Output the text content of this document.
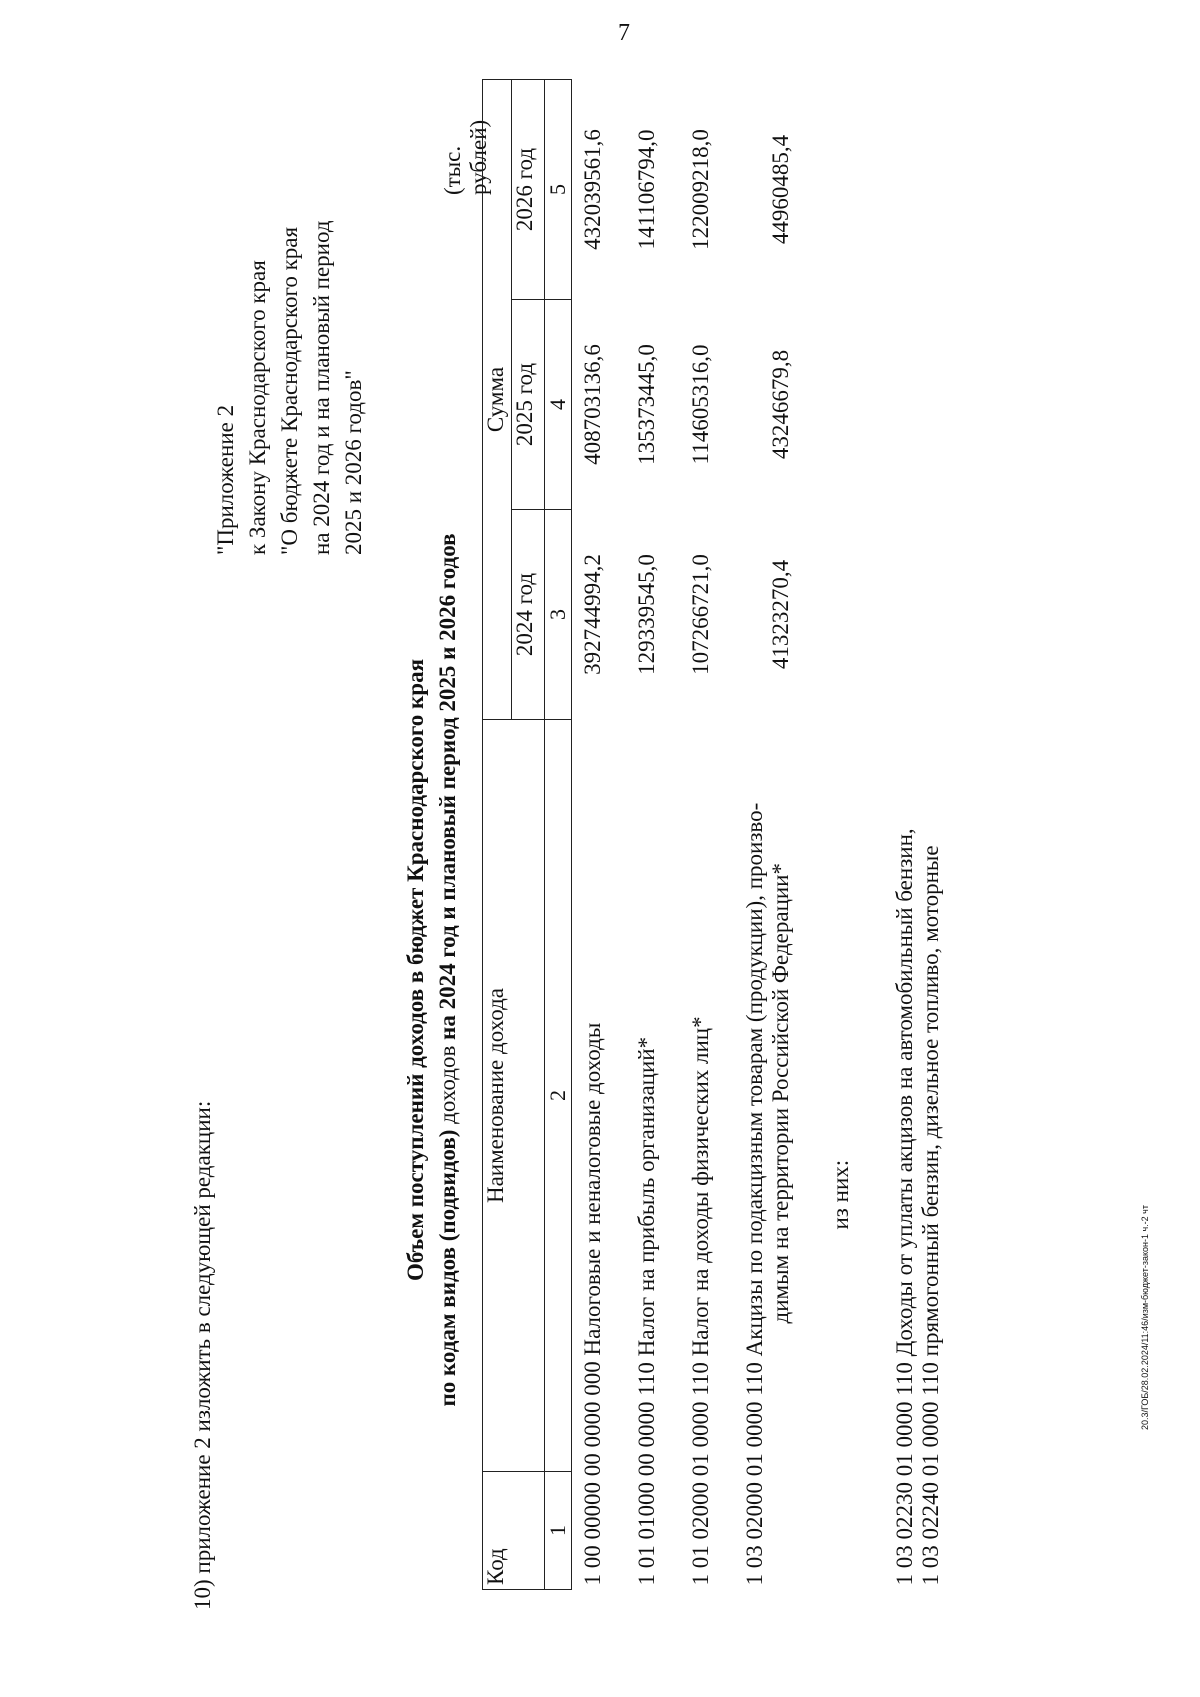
7
20.3/ГОБ/28.02.2024/11:46/изм-бюджет-закон-1 ч.-2 чт
10) приложение 2 изложить в следующей редакции:
"Приложение 2 к Закону Краснодарского края "О бюджете Краснодарского края на 2024 год и на плановый период 2025 и 2026 годов"
Объем поступлений доходов в бюджет Краснодарского края по кодам видов (подвидов) доходов на 2024 год и плановый период 2025 и 2026 годов
(тыс. рублей)
Код	Наименование дохода	Сумма		
		2024 год	2025 год	2026 год
1	2	3	4	5
1 00 00000 00 0000 000 Налоговые и неналоговые доходы		392744994,2	408703136,6	432039561,6
1 01 01000 00 0000 110 Налог на прибыль организаций*		129339545,0	135373445,0	141106794,0
1 01 02000 01 0000 110 Налог на доходы физических лиц*		107266721,0	114605316,0	122009218,0
1 03 02000 01 0000 110 Акцизы по подакцизным товарам (продукции), произво- димым на территории Российской Федерации*		41323270,4	43246679,8	44960485,4
из них:				
1 03 02230 01 0000 110 Доходы от уплаты акцизов на автомобильный бензин,
1 03 02240 01 0000 110 прямогонный бензин, дизельное топливо, моторные				
